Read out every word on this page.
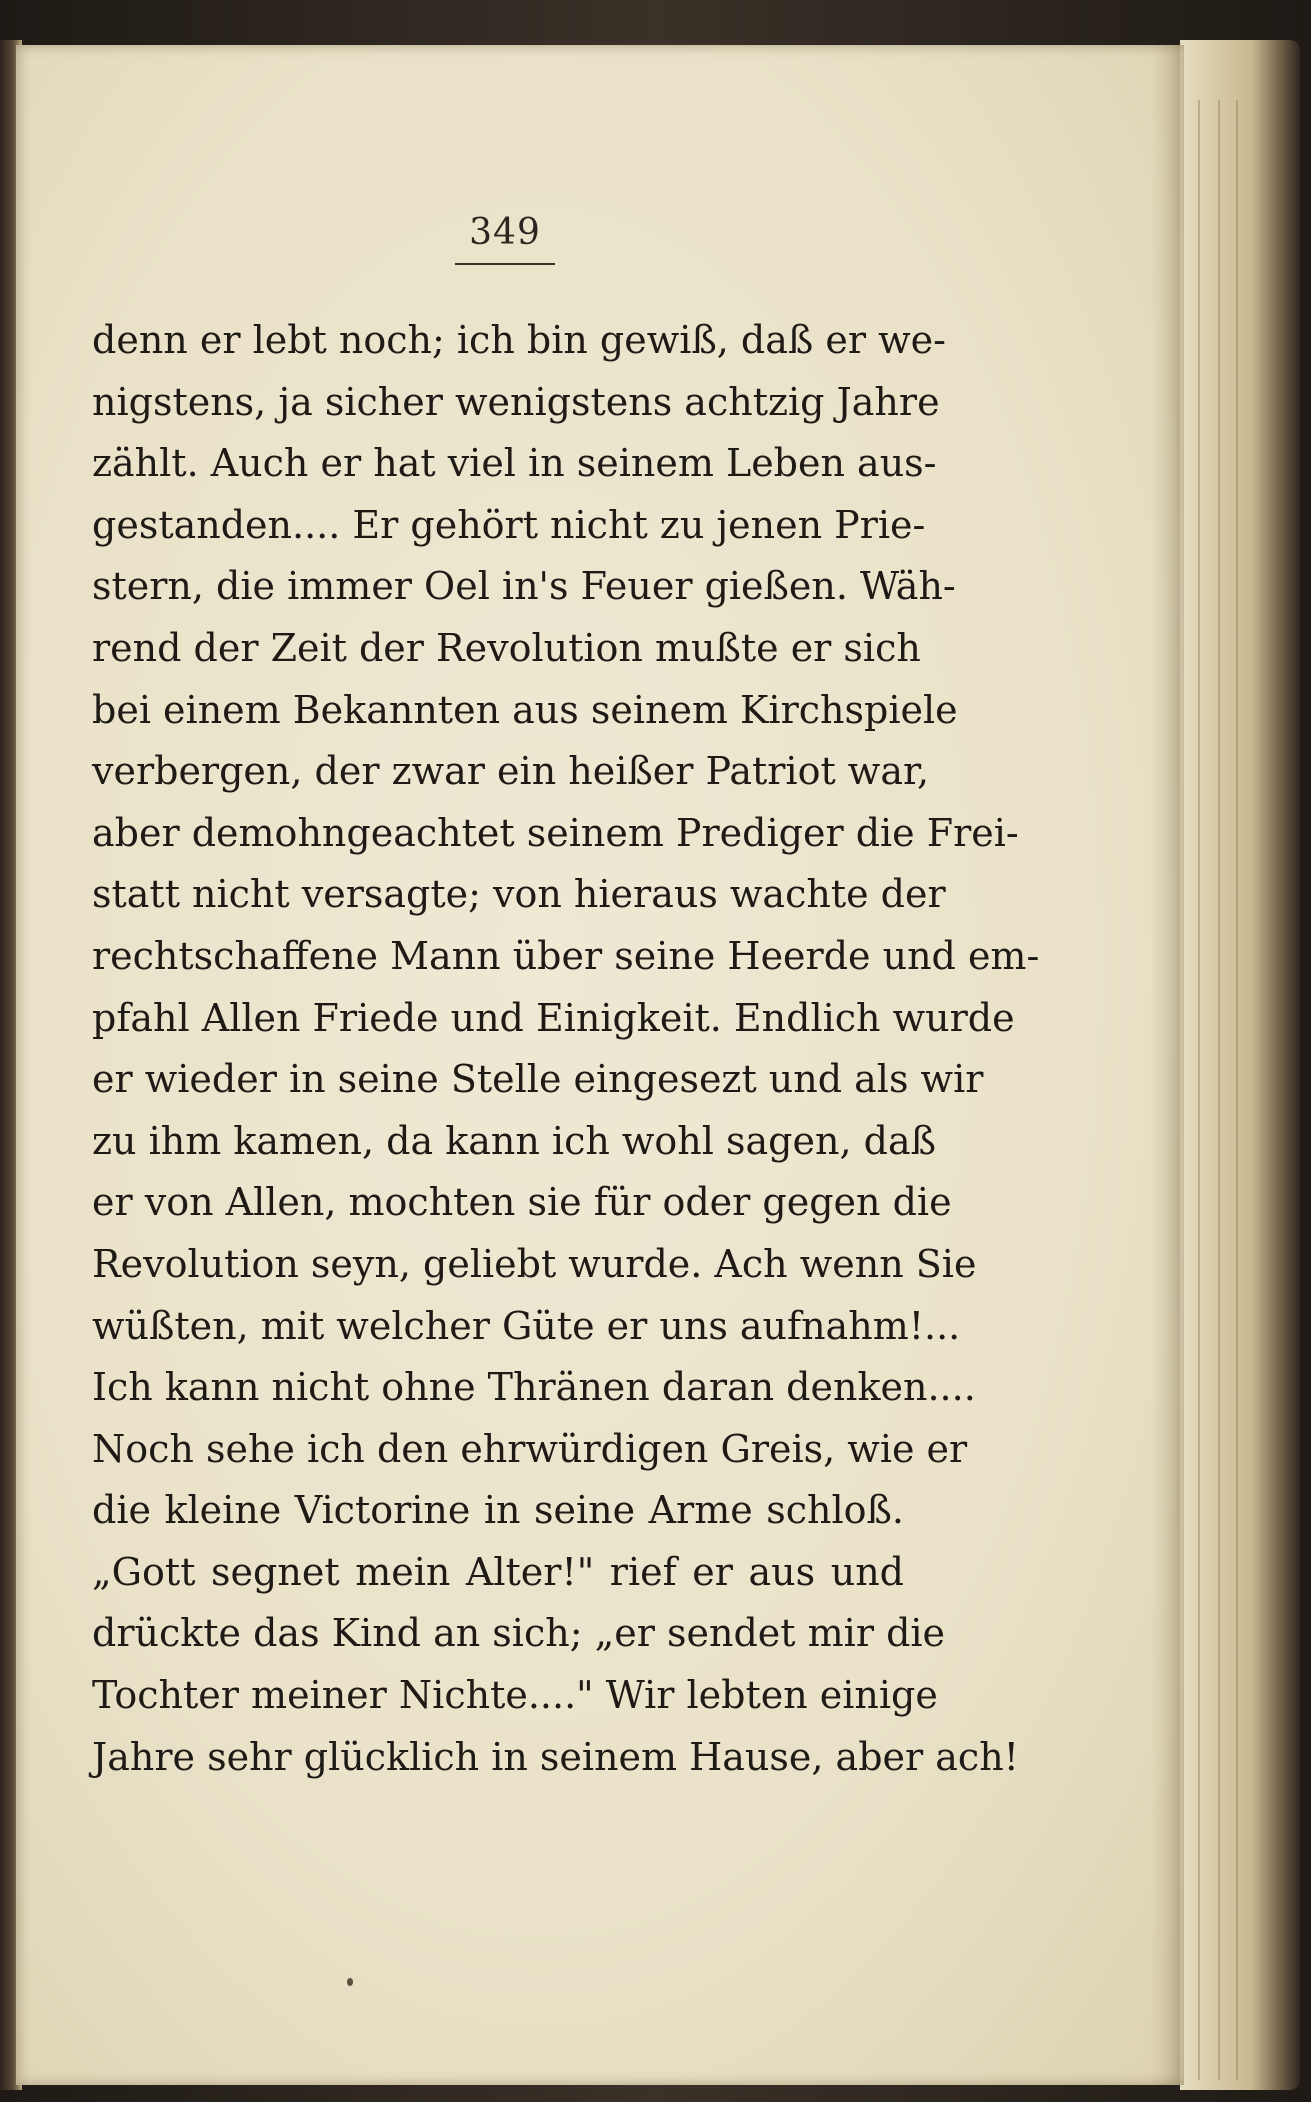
349
denn er lebt noch; ich bin gewiß, daß er we-
nigstens, ja sicher wenigstens achtzig Jahre
zählt. Auch er hat viel in seinem Leben aus-
gestanden.... Er gehört nicht zu jenen Prie-
stern, die immer Oel in's Feuer gießen. Wäh-
rend der Zeit der Revolution mußte er sich
bei einem Bekannten aus seinem Kirchspiele
verbergen, der zwar ein heißer Patriot war,
aber demohngeachtet seinem Prediger die Frei-
statt nicht versagte; von hieraus wachte der
rechtschaffene Mann über seine Heerde und em-
pfahl Allen Friede und Einigkeit. Endlich wurde
er wieder in seine Stelle eingesezt und als wir
zu ihm kamen, da kann ich wohl sagen, daß
er von Allen, mochten sie für oder gegen die
Revolution seyn, geliebt wurde. Ach wenn Sie
wüßten, mit welcher Güte er uns aufnahm!...
Ich kann nicht ohne Thränen daran denken....
Noch sehe ich den ehrwürdigen Greis, wie er
die kleine Victorine in seine Arme schloß.
„Gott segnet mein Alter!" rief er aus und
drückte das Kind an sich; „er sendet mir die
Tochter meiner Nichte...." Wir lebten einige
Jahre sehr glücklich in seinem Hause, aber ach!
